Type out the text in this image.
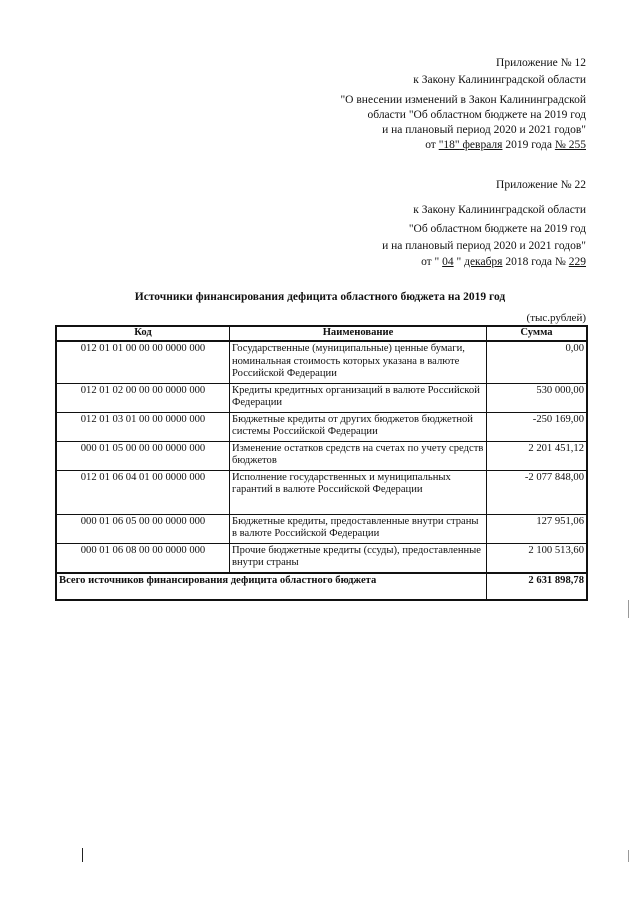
Приложение № 12
к Закону Калининградской области
"О внесении изменений в Закон Калининградской
области "Об областном бюджете на 2019 год
и на плановый период 2020 и 2021 годов"
от "18" февраля 2019 года № 255
Приложение № 22
к Закону Калининградской области
"Об областном бюджете на 2019 год
и на плановый период 2020 и 2021 годов"
от " 04 " декабря 2018 года № 229
Источники финансирования дефицита областного бюджета на 2019 год
(тыс.рублей)
Код	Наименование	Сумма
012 01 01 00 00 00 0000 000	Государственные (муниципальные) ценные бумаги, номинальная стоимость которых указана в валюте Российской Федерации	0,00
012 01 02 00 00 00 0000 000	Кредиты кредитных организаций в валюте Российской Федерации	530 000,00
012 01 03 01 00 00 0000 000	Бюджетные кредиты от других бюджетов бюджетной системы Российской Федерации	-250 169,00
000 01 05 00 00 00 0000 000	Изменение остатков средств на счетах по учету средств бюджетов	2 201 451,12
012 01 06 04 01 00 0000 000	Исполнение государственных и муниципальных гарантий в валюте Российской Федерации	-2 077 848,00
000 01 06 05 00 00 0000 000	Бюджетные кредиты, предоставленные внутри страны в валюте Российской Федерации	127 951,06
000 01 06 08 00 00 0000 000	Прочие бюджетные кредиты (ссуды), предоставленные внутри страны	2 100 513,60
Всего источников финансирования дефицита областного бюджета		2 631 898,78
